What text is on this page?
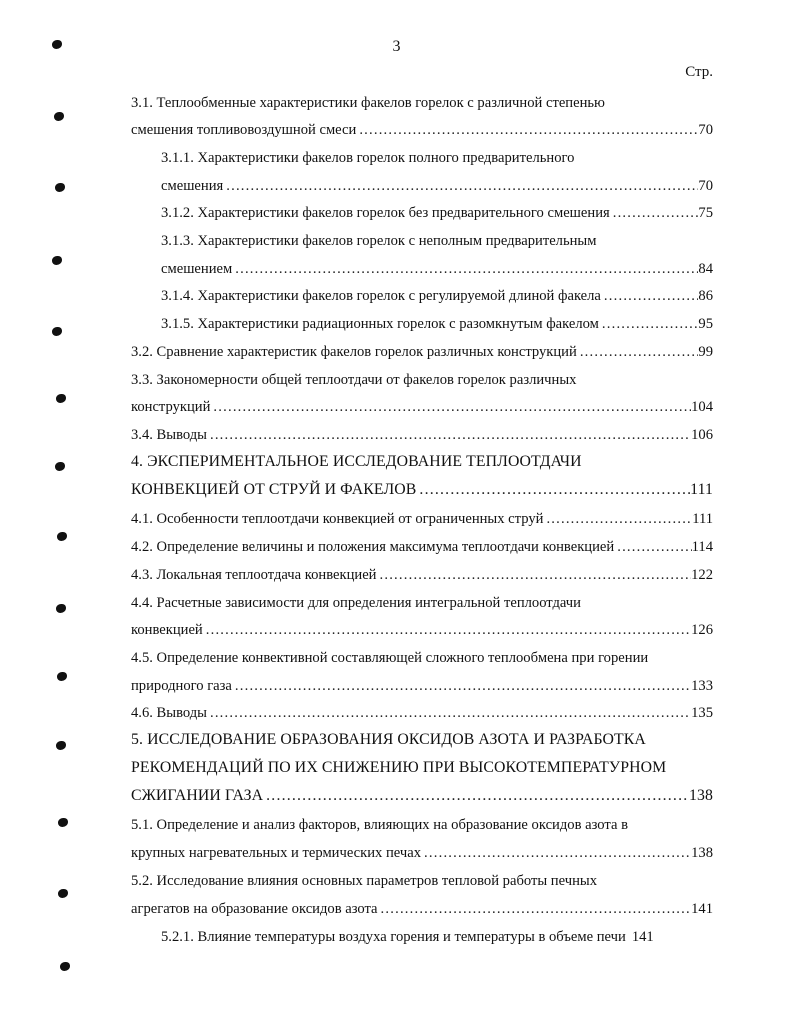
3
Стр.
3.1. Теплообменные характеристики факелов горелок с различной степенью
смешения топливовоздушной смеси .....	70
3.1.1. Характеристики факелов горелок полного предварительного
смешения .....	70
3.1.2. Характеристики факелов горелок без предварительного смешения .....	75
3.1.3. Характеристики факелов горелок с неполным предварительным
смешением .....	84
3.1.4. Характеристики факелов горелок с регулируемой длиной факела .....	86
3.1.5. Характеристики радиационных горелок с разомкнутым факелом .....	95
3.2. Сравнение характеристик факелов горелок различных конструкций .....	99
3.3. Закономерности общей теплоотдачи от факелов горелок различных
конструкций .....	104
3.4. Выводы .....	106
4. ЭКСПЕРИМЕНТАЛЬНОЕ ИССЛЕДОВАНИЕ ТЕПЛООТДАЧИ
КОНВЕКЦИЕЙ ОТ СТРУЙ И ФАКЕЛОВ .....	111
4.1. Особенности теплоотдачи конвекцией от ограниченных струй .....	111
4.2. Определение величины и положения максимума теплоотдачи конвекцией .....	114
4.3. Локальная теплоотдача конвекцией .....	122
4.4. Расчетные зависимости для определения интегральной теплоотдачи
конвекцией .....	126
4.5. Определение конвективной составляющей сложного теплообмена при горении
природного газа .....	133
4.6. Выводы .....	135
5. ИССЛЕДОВАНИЕ ОБРАЗОВАНИЯ ОКСИДОВ АЗОТА И РАЗРАБОТКА
РЕКОМЕНДАЦИЙ ПО ИХ СНИЖЕНИЮ ПРИ ВЫСОКОТЕМПЕРАТУРНОМ
СЖИГАНИИ ГАЗА .....	138
5.1. Определение и анализ факторов, влияющих на образование оксидов азота в
крупных нагревательных и термических печах .....	138
5.2. Исследование влияния основных параметров тепловой работы печных
агрегатов на образование оксидов азота .....	141
5.2.1. Влияние температуры воздуха горения и температуры в объеме печи 141
